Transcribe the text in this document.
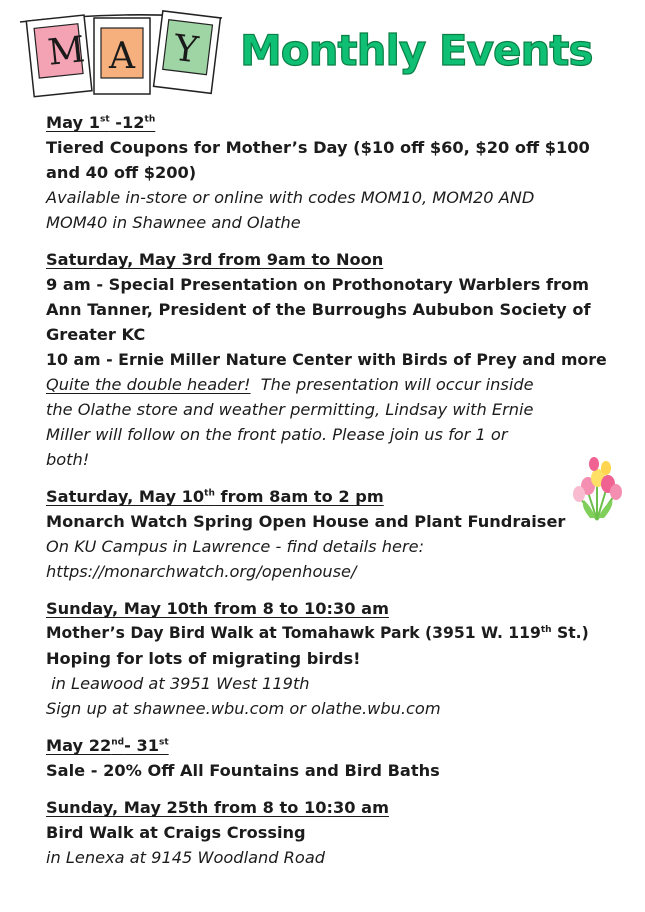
M A Y Monthly Events
May 1st -12th
Tiered Coupons for Mother’s Day ($10 off $60, $20 off $100
and 40 off $200)
Available in-store or online with codes MOM10, MOM20 AND
MOM40 in Shawnee and Olathe
Saturday, May 3rd from 9am to Noon
9 am - Special Presentation on Prothonotary Warblers from
Ann Tanner, President of the Burroughs Aububon Society of
Greater KC
10 am - Ernie Miller Nature Center with Birds of Prey and more
Quite the double header!  The presentation will occur inside
the Olathe store and weather permitting, Lindsay with Ernie
Miller will follow on the front patio. Please join us for 1 or
both!
Saturday, May 10th from 8am to 2 pm
Monarch Watch Spring Open House and Plant Fundraiser
On KU Campus in Lawrence - find details here:
https://monarchwatch.org/openhouse/
Sunday, May 10th from 8 to 10:30 am
Mother’s Day Bird Walk at Tomahawk Park (3951 W. 119th St.)
Hoping for lots of migrating birds!
in Leawood at 3951 West 119th
Sign up at shawnee.wbu.com or olathe.wbu.com
May 22nd- 31st
Sale - 20% Off All Fountains and Bird Baths
Sunday, May 25th from 8 to 10:30 am
Bird Walk at Craigs Crossing
in Lenexa at 9145 Woodland Road
